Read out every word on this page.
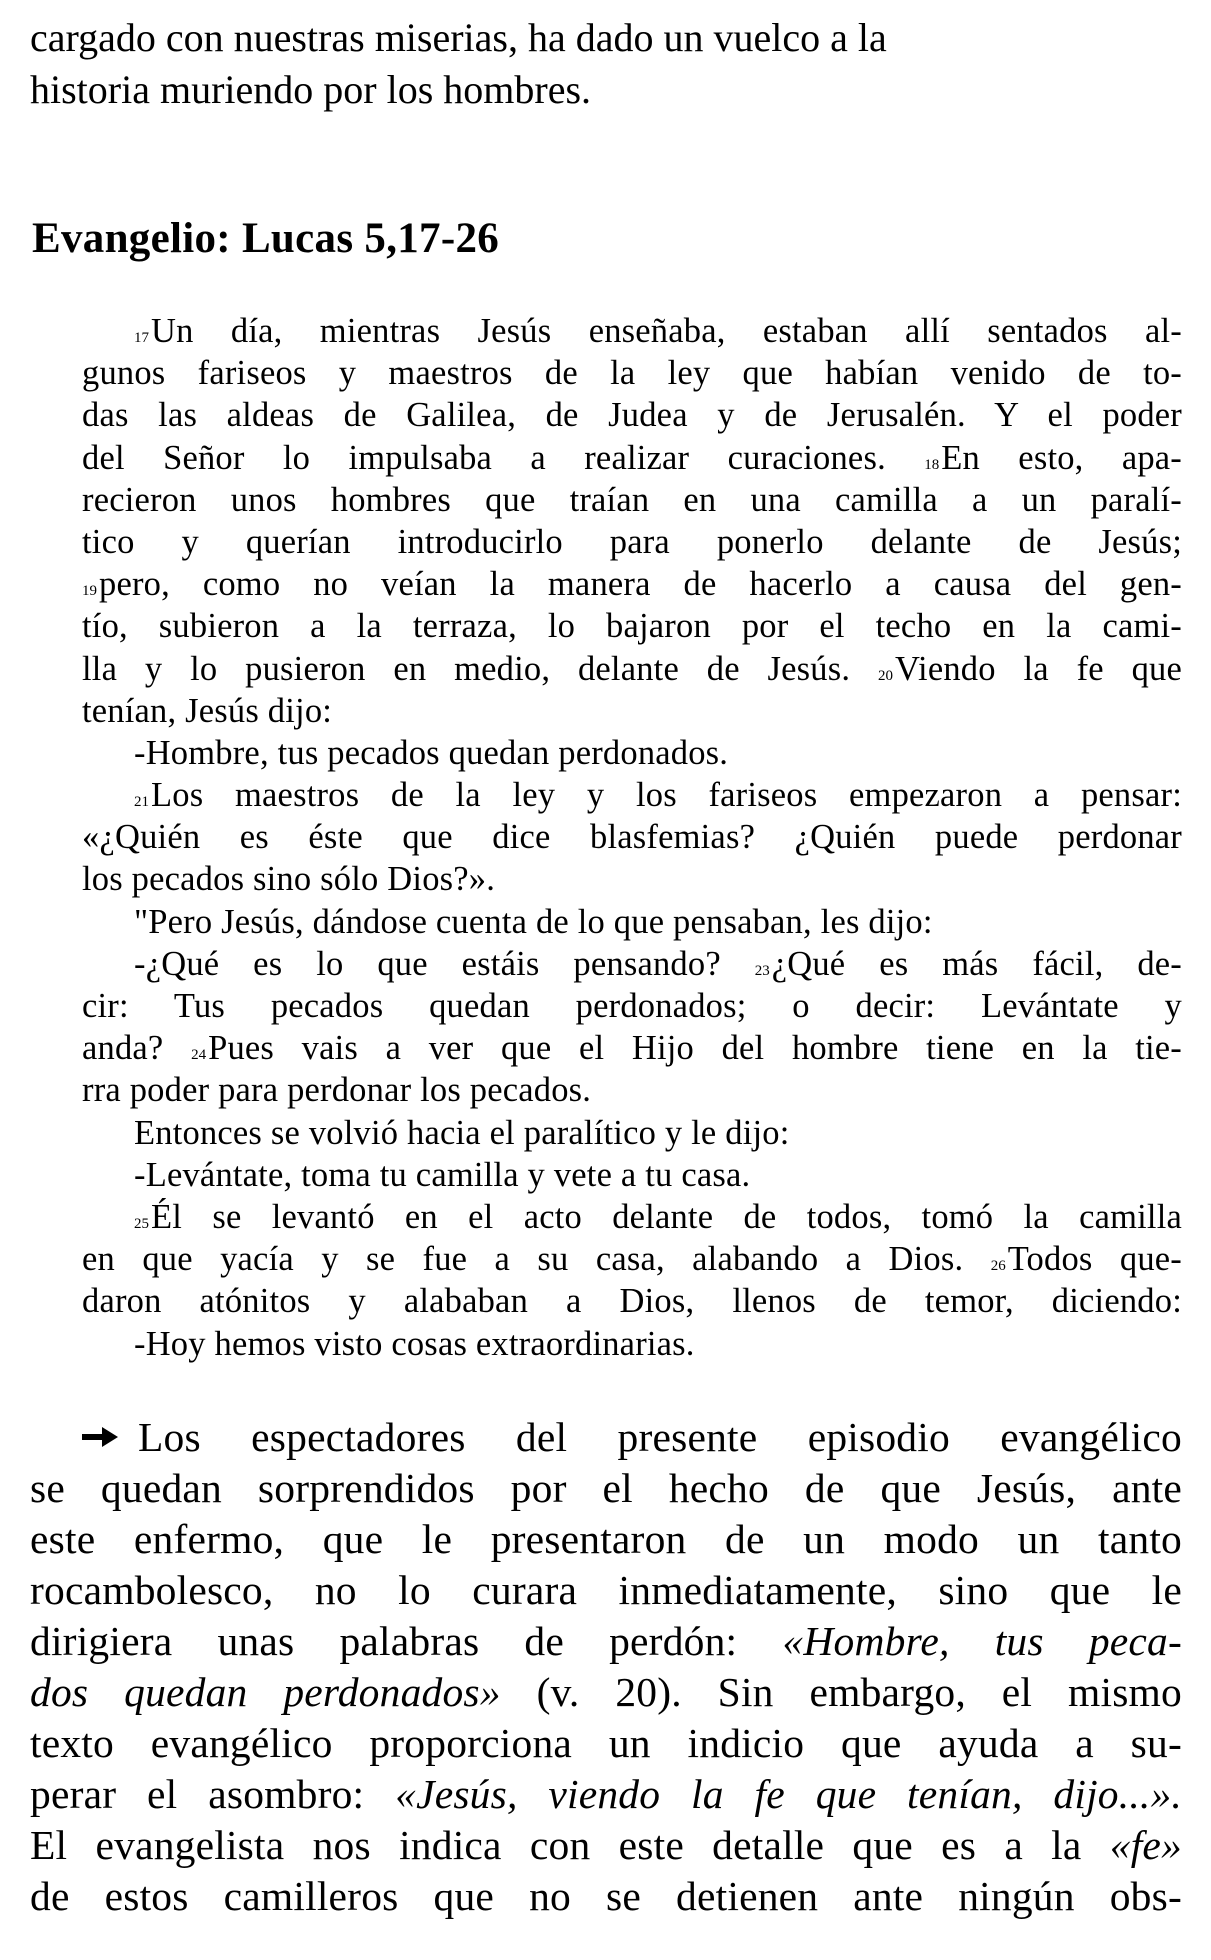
cargado con nuestras miserias, ha dado un vuelco a la
historia muriendo por los hombres.
Evangelio: Lucas 5,17-26
17Un día, mientras Jesús enseñaba, estaban allí sentados al-
gunos fariseos y maestros de la ley que habían venido de to-
das las aldeas de Galilea, de Judea y de Jerusalén. Y el poder
del Señor lo impulsaba a realizar curaciones.	18En esto, apa-
recieron unos hombres que traían en una camilla a un paralí-
tico y querían introducirlo para ponerlo delante de Jesús;
19pero, como no veían la manera de hacerlo a causa del gen-
tío, subieron a la terraza, lo bajaron por el techo en la cami-
lla y lo pusieron en medio, delante de Jesús. 20Viendo la fe que
tenían, Jesús dijo:
-Hombre, tus pecados quedan perdonados.
21Los maestros de la ley y los fariseos empezaron a pensar:
«¿Quién es éste que dice blasfemias? ¿Quién puede perdonar
los pecados sino sólo Dios?».
"Pero Jesús, dándose cuenta de lo que pensaban, les dijo:
-¿Qué es lo que estáis pensando? 23¿Qué es más fácil, de-
cir: Tus pecados quedan perdonados; o decir: Levántate y
anda? 24Pues vais a ver que el Hijo del hombre tiene en la tie-
rra poder para perdonar los pecados.
Entonces se volvió hacia el paralítico y le dijo:
-Levántate, toma tu camilla y vete a tu casa.
25Él se levantó en el acto delante de todos, tomó la camilla
en que yacía y se fue a su casa, alabando a Dios. 26Todos que-
daron atónitos y alababan a Dios, llenos de temor, diciendo:
-Hoy hemos visto cosas extraordinarias.
Los espectadores del presente episodio evangélico
se quedan sorprendidos por el hecho de que Jesús, ante
este enfermo, que le presentaron de un modo un tanto
rocambolesco, no lo curara inmediatamente, sino que le
dirigiera unas palabras de perdón: «Hombre, tus peca-
dos quedan perdonados» (v. 20). Sin embargo, el mismo
texto evangélico proporciona un indicio que ayuda a su-
perar el asombro: «Jesús, viendo la fe que tenían, dijo...».
El evangelista nos indica con este detalle que es a la «fe»
de estos camilleros que no se detienen ante ningún obs-
